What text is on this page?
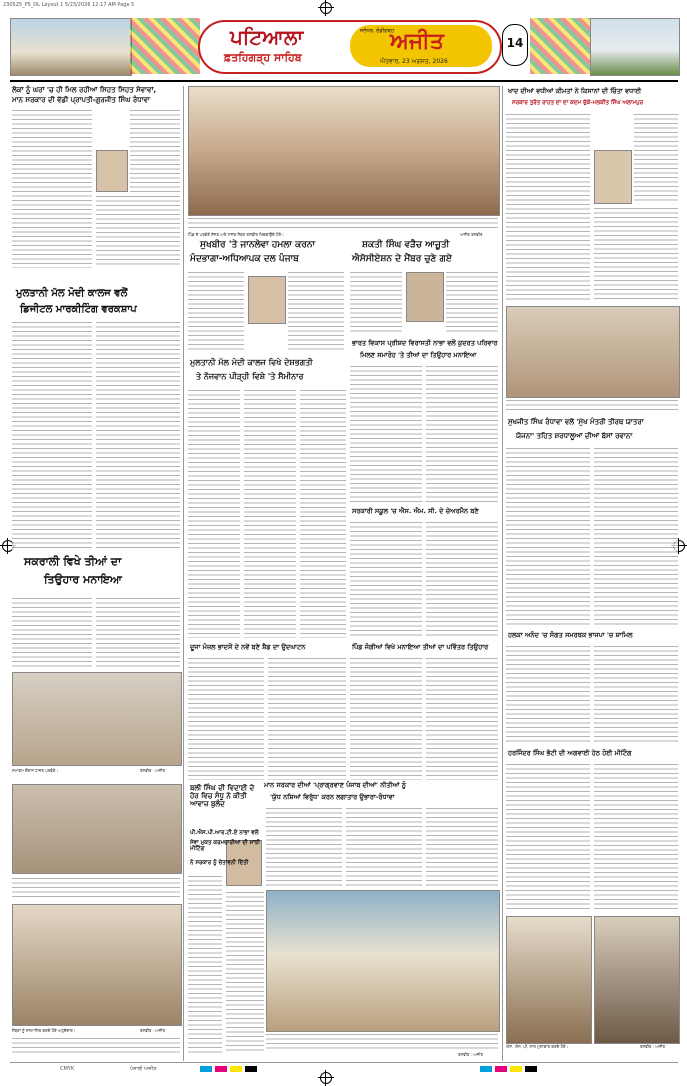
230525_P5_DL Layout 1 5/23/2026 12:17 AM Page 5
ਪਟਿਆਲਾ
ਫ਼ਤਹਿਗੜ੍ਹ ਸਾਹਿਬ
ਜਲੰਧਰ, ਚੰਡੀਗੜ੍ਹ
ਅਜੀਤ
ਐਤਵਾਰ, 23 ਅਗਸਤ, 2026
14
ਲੋਕਾਂ ਨੂੰ ਘਰਾਂ 'ਚ ਹੀ ਮਿਲ ਰਹੀਆਂ ਸਿਹਤ ਸਿਹਤ ਸੇਵਾਵਾਂ,
ਮਾਨ ਸਰਕਾਰ ਦੀ ਵੱਡੀ ਪ੍ਰਾਪਤੀ-ਗੁਰਜੀਤ ਸਿੰਘ ਰੰਧਾਵਾ
ਮੁਲਤਾਨੀ ਮੱਲ ਮੋਦੀ ਕਾਲਜ ਵਲੋਂ
ਡਿਜੀਟਲ ਮਾਰਕੀਟਿੰਗ ਵਰਕਸ਼ਾਪ
ਸਕਰਾਲੀ ਵਿਖੇ ਤੀਆਂ ਦਾ
ਤਿਉਹਾਰ ਮਨਾਇਆ
ਸਮਾਗਮ ਦੌਰਾਨ ਹਾਜ਼ਰ ਪਤਵੰਤੇ।	ਤਸਵੀਰ : ਅਜੀਤ
ਮੈਂਬਰਾਂ ਨੂੰ ਸਨਮਾਨਿਤ ਕਰਦੇ ਹੋਏ ਅਹੁਦੇਦਾਰ।	ਤਸਵੀਰ : ਅਜੀਤ
ਪਿੰਡ ਦੇ ਪਤਵੰਤੇ ਸੱਜਣ ਅਤੇ ਹਾਜ਼ਰ ਮੈਂਬਰ ਤਸਵੀਰ ਖਿਚਵਾਉਂਦੇ ਹੋਏ।	ਅਜੀਤ ਤਸਵੀਰ
ਸੁਖਬੀਰ 'ਤੇ ਜਾਨਲੇਵਾ ਹਮਲਾ ਕਰਨਾ
ਮੰਦਭਾਗਾ-ਅਧਿਆਪਕ ਦਲ ਪੰਜਾਬ
ਸ਼ਕਤੀ ਸਿੰਘ ਵੜੈਚ ਆਜ਼ੂਤੀ
ਐਸੋਸੀਏਸ਼ਨ ਦੇ ਮੈਂਬਰ ਚੁਣੇ ਗਏ
ਭਾਰਤ ਵਿਕਾਸ ਪ੍ਰੀਸ਼ਦ ਵਿਰਾਸਤੀ ਨਾਭਾ ਵਲੋਂ ਕੁਦਰਤ ਪਰਿਵਾਰ
ਮਿਲਣ ਸਮਾਰੋਹ 'ਤੇ ਤੀਆਂ ਦਾ ਤਿਉਹਾਰ ਮਨਾਇਆ
ਮੁਲਤਾਨੀ ਮੱਲ ਮੋਦੀ ਕਾਲਜ ਵਿਖੇ ਦੇਸ਼ਭਗਤੀ
ਤੇ ਨੌਜਵਾਨ ਪੀੜ੍ਹੀ ਵਿਸ਼ੇ 'ਤੇ ਸੈਮੀਨਾਰ
ਸਰਕਾਰੀ ਸਕੂਲ 'ਚ ਐਸ. ਐਮ. ਸੀ. ਦੇ ਚੇਅਰਮੈਨ ਬਣੇ
ਦੂਜਾ ਮੰਜ਼ਲ ਭਾਦਸੋਂ ਦੇ ਨਵੇਂ ਬਣੇ ਸ਼ੈਡ ਦਾ ਉਦਘਾਟਨ	ਪਿੰਡ ਜੰਗੀਆਂ ਵਿਖੇ ਮਨਾਇਆ ਤੀਆਂ ਦਾ ਪਵਿੱਤਰ ਤਿਉਹਾਰ
ਮਾਨ ਸਰਕਾਰ ਦੀਆਂ 'ਪ੍ਰਾਗ੍ਰਵਾਣ ਪੰਜਾਬ ਦੀਆਂ' ਨੀਤੀਆਂ ਨੂੰ
'ਯੁੱਧ ਨਸ਼ਿਆਂ ਵਿਰੁੱਧ' ਕਰਨ ਲਗਾਤਾਰ ਉਭਾਰਾ-ਰੰਧਾਵਾ
ਬਲੀ ਸਿੰਘ ਦੀ ਵਿਦਾਈ ਦੇ ਹੋਰ ਵਿਚ ਸੰਧੂ ਨੇ ਕੀਤੀ ਆਵਾਜ਼ ਬੁਲੰਦ
ਪੀ.ਐਸ.ਪੀ.ਆਰ.ਟੀ.ਏ ਨਾਭਾ ਵਲੋਂ
ਸੇਵਾ ਮੁਕਤ ਕਰਮਚਾਰੀਆਂ ਦੀ ਸਾਂਝੀ ਮੀਟਿੰਗ
ਨੇ ਸਰਕਾਰ ਨੂੰ ਚੇਤਾਵਨੀ ਦਿੱਤੀ
ਤਸਵੀਰ : ਅਜੀਤ
ਖਾਦ ਦੀਆਂ ਵਧੀਆਂ ਕੀਮਤਾਂ ਨੇ ਕਿਸਾਨਾਂ ਦੀ ਚਿੰਤਾ ਵਧਾਈ
ਸਰਕਾਰ ਤੁਰੰਤ ਰਾਹਤ ਦਾ ਦਾ ਕਦਮ ਚੁੱਕੇ-ਮਲਕੀਤ ਸਿੰਘ ਅਲਾਮਪੁਰ
ਸੁਖਜੀਤ ਸਿੰਘ ਰੰਧਾਵਾ ਵਲੋਂ 'ਮੁੱਖ ਮੰਤਰੀ ਤੀਰਥ ਯਾਤਰਾ
ਯੋਜਨਾ' ਤਹਿਤ ਸ਼ਰਧਾਲੂਆਂ ਦੀਆਂ ਬੱਸਾਂ ਰਵਾਨਾ
ਹਲਕਾ ਅਨੰਦ 'ਚ ਸੰਗਤ ਸਮਰਥਕ ਭਾਜਪਾ 'ਚ ਸ਼ਾਮਿਲ
ਹਰਜਿੰਦਰ ਸਿੰਘ ਭੱਟੀ ਦੀ ਅਗਵਾਈ ਹੇਠ ਹੋਈ ਮੀਟਿੰਗ
ਐਸ. ਐਸ. ਪੀ. ਨਾਲ ਮੁਲਾਕਾਤ ਕਰਦੇ ਹੋਏ।	ਤਸਵੀਰ : ਅਜੀਤ
CMYK	ਪੰਜਾਬੀ ਅਜੀਤ
